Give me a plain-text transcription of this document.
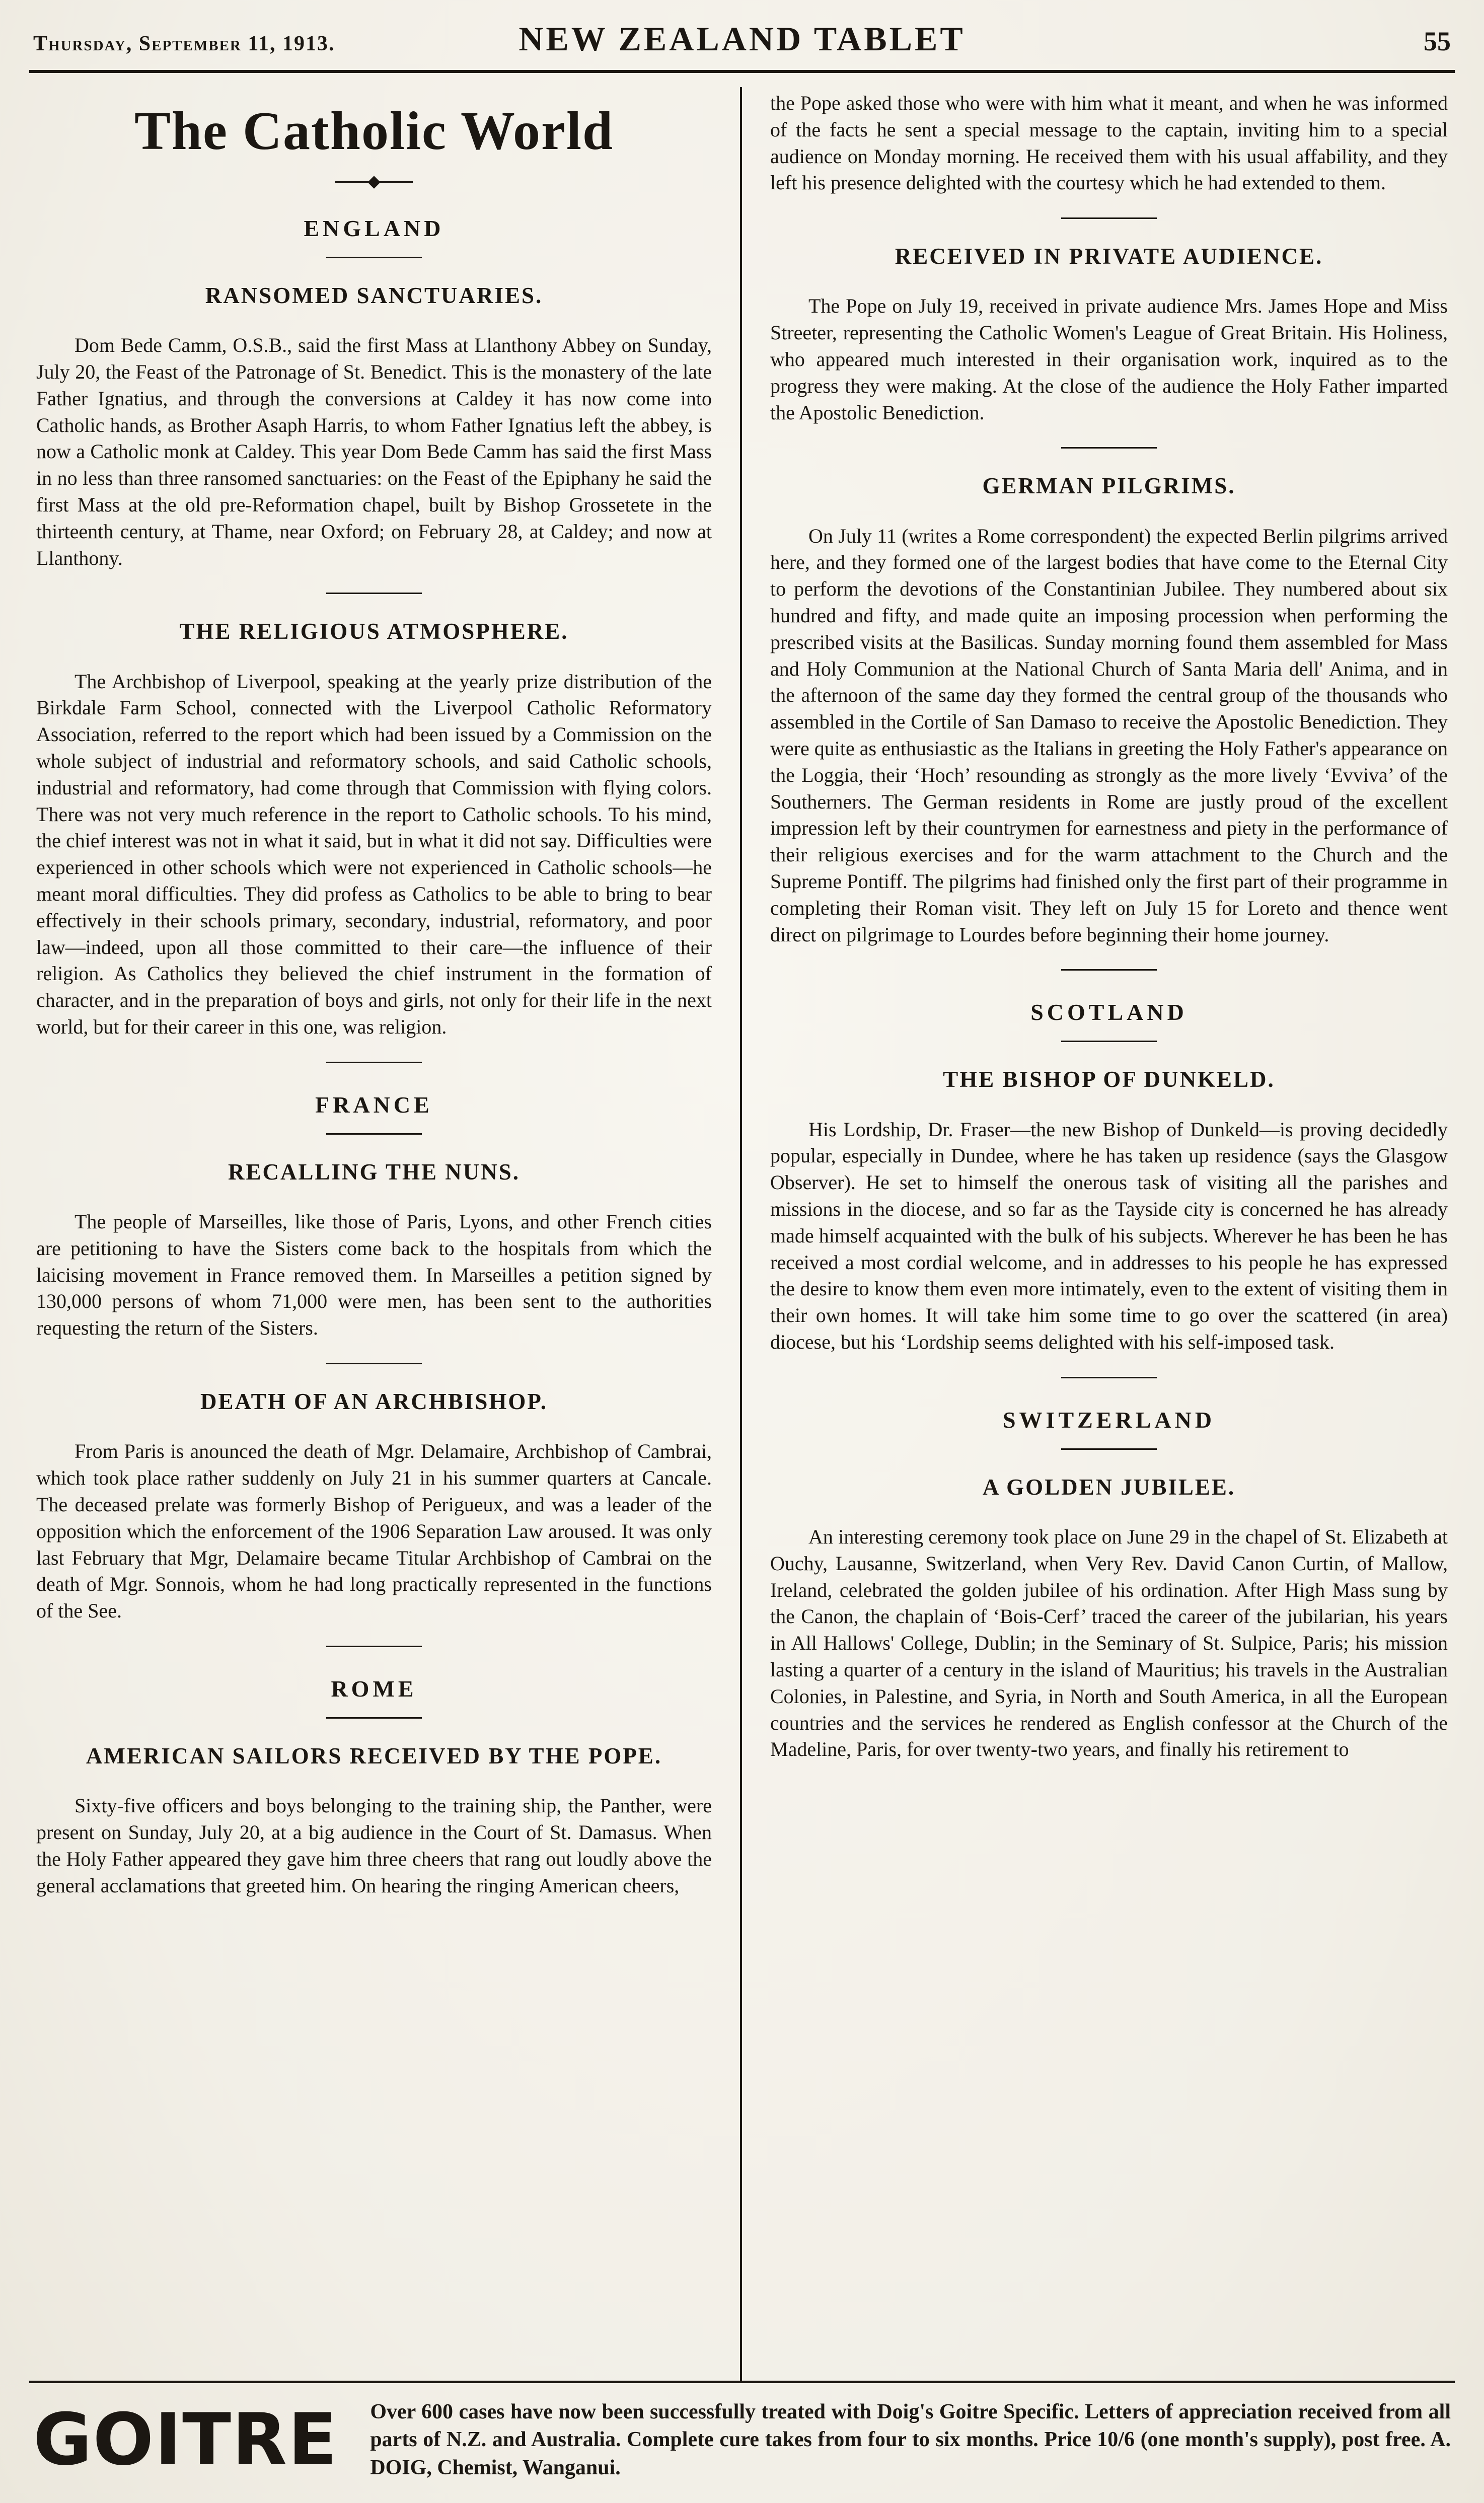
Thursday, September 11, 1913.	NEW ZEALAND TABLET	55
The Catholic World
ENGLAND
RANSOMED SANCTUARIES.

Dom Bede Camm, O.S.B., said the first Mass at Llanthony Abbey on Sunday, July 20, the Feast of the Patronage of St. Benedict. This is the monastery of the late Father Ignatius, and through the conversions at Caldey it has now come into Catholic hands, as Brother Asaph Harris, to whom Father Ignatius left the abbey, is now a Catholic monk at Caldey. This year Dom Bede Camm has said the first Mass in no less than three ransomed sanctuaries: on the Feast of the Epiphany he said the first Mass at the old pre-Reformation chapel, built by Bishop Grossetete in the thirteenth century, at Thame, near Oxford; on February 28, at Caldey; and now at Llanthony.

THE RELIGIOUS ATMOSPHERE.

The Archbishop of Liverpool, speaking at the yearly prize distribution of the Birkdale Farm School, connected with the Liverpool Catholic Reformatory Association, referred to the report which had been issued by a Commission on the whole subject of industrial and reformatory schools, and said Catholic schools, industrial and reformatory, had come through that Commission with flying colors. There was not very much reference in the report to Catholic schools. To his mind, the chief interest was not in what it said, but in what it did not say. Difficulties were experienced in other schools which were not experienced in Catholic schools—he meant moral difficulties. They did profess as Catholics to be able to bring to bear effectively in their schools primary, secondary, industrial, reformatory, and poor law—indeed, upon all those committed to their care—the influence of their religion. As Catholics they believed the chief instrument in the formation of character, and in the preparation of boys and girls, not only for their life in the next world, but for their career in this one, was religion.

FRANCE
RECALLING THE NUNS.

The people of Marseilles, like those of Paris, Lyons, and other French cities are petitioning to have the Sisters come back to the hospitals from which the laicising movement in France removed them. In Marseilles a petition signed by 130,000 persons of whom 71,000 were men, has been sent to the authorities requesting the return of the Sisters.

DEATH OF AN ARCHBISHOP.

From Paris is anounced the death of Mgr. Delamaire, Archbishop of Cambrai, which took place rather suddenly on July 21 in his summer quarters at Cancale. The deceased prelate was formerly Bishop of Perigueux, and was a leader of the opposition which the enforcement of the 1906 Separation Law aroused. It was only last February that Mgr, Delamaire became Titular Archbishop of Cambrai on the death of Mgr. Sonnois, whom he had long practically represented in the functions of the See.

ROME
AMERICAN SAILORS RECEIVED BY THE POPE.

Sixty-five officers and boys belonging to the training ship, the Panther, were present on Sunday, July 20, at a big audience in the Court of St. Damasus. When the Holy Father appeared they gave him three cheers that rang out loudly above the general acclamations that greeted him. On hearing the ringing American cheers,

the Pope asked those who were with him what it meant, and when he was informed of the facts he sent a special message to the captain, inviting him to a special audience on Monday morning. He received them with his usual affability, and they left his presence delighted with the courtesy which he had extended to them.

RECEIVED IN PRIVATE AUDIENCE.

The Pope on July 19, received in private audience Mrs. James Hope and Miss Streeter, representing the Catholic Women's League of Great Britain. His Holiness, who appeared much interested in their organisation work, inquired as to the progress they were making. At the close of the audience the Holy Father imparted the Apostolic Benediction.

GERMAN PILGRIMS.

On July 11 (writes a Rome correspondent) the expected Berlin pilgrims arrived here, and they formed one of the largest bodies that have come to the Eternal City to perform the devotions of the Constantinian Jubilee. They numbered about six hundred and fifty, and made quite an imposing procession when performing the prescribed visits at the Basilicas. Sunday morning found them assembled for Mass and Holy Communion at the National Church of Santa Maria dell' Anima, and in the afternoon of the same day they formed the central group of the thousands who assembled in the Cortile of San Damaso to receive the Apostolic Benediction. They were quite as enthusiastic as the Italians in greeting the Holy Father's appearance on the Loggia, their ‘Hoch’ resounding as strongly as the more lively ‘Evviva’ of the Southerners. The German residents in Rome are justly proud of the excellent impression left by their countrymen for earnestness and piety in the performance of their religious exercises and for the warm attachment to the Church and the Supreme Pontiff. The pilgrims had finished only the first part of their programme in completing their Roman visit. They left on July 15 for Loreto and thence went direct on pilgrimage to Lourdes before beginning their home journey.

SCOTLAND
THE BISHOP OF DUNKELD.

His Lordship, Dr. Fraser—the new Bishop of Dunkeld—is proving decidedly popular, especially in Dundee, where he has taken up residence (says the Glasgow Observer). He set to himself the onerous task of visiting all the parishes and missions in the diocese, and so far as the Tayside city is concerned he has already made himself acquainted with the bulk of his subjects. Wherever he has been he has received a most cordial welcome, and in addresses to his people he has expressed the desire to know them even more intimately, even to the extent of visiting them in their own homes. It will take him some time to go over the scattered (in area) diocese, but his ‘Lordship seems delighted with his self-imposed task.

SWITZERLAND
A GOLDEN JUBILEE.

An interesting ceremony took place on June 29 in the chapel of St. Elizabeth at Ouchy, Lausanne, Switzerland, when Very Rev. David Canon Curtin, of Mallow, Ireland, celebrated the golden jubilee of his ordination. After High Mass sung by the Canon, the chaplain of ‘Bois-Cerf’ traced the career of the jubilarian, his years in All Hallows' College, Dublin; in the Seminary of St. Sulpice, Paris; his mission lasting a quarter of a century in the island of Mauritius; his travels in the Australian Colonies, in Palestine, and Syria, in North and South America, in all the European countries and the services he rendered as English confessor at the Church of the Madeline, Paris, for over twenty-two years, and finally his retirement to

GOITRE Over 600 cases have now been successfully treated with Doig's Goitre Specific. Letters of appreciation received from all parts of N.Z. and Australia. Complete cure takes from four to six months. Price 10/6 (one month's supply), post free. A. DOIG, Chemist, Wanganui.
